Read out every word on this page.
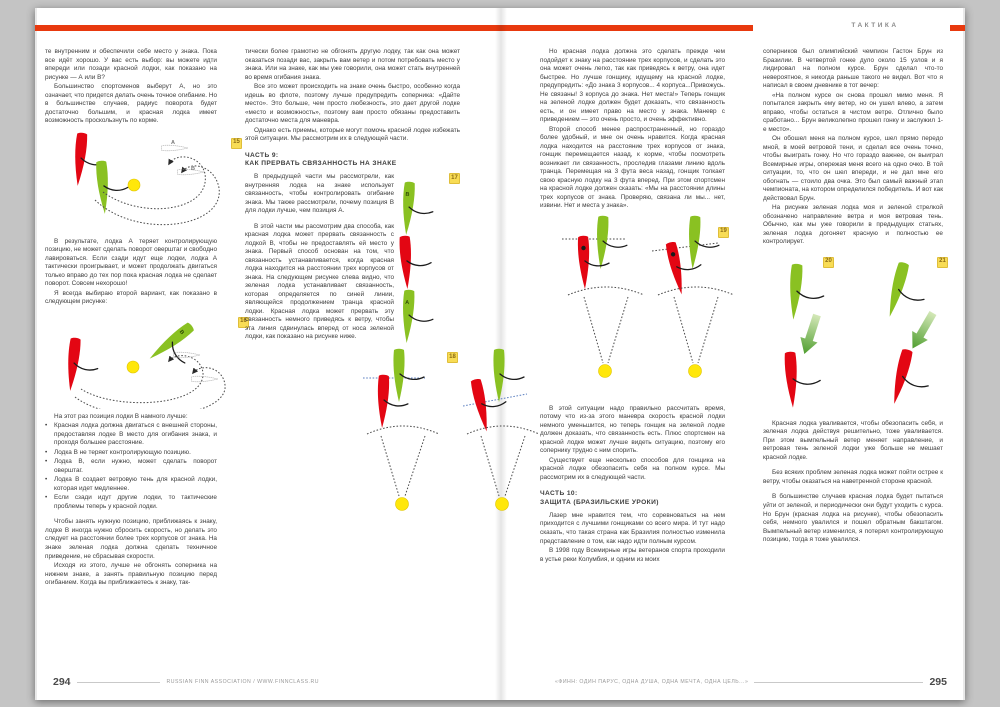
ТАКТИКА

те внутренним и обеспечили себе место у знака. Пока все идёт хорошо. У вас есть выбор: вы можете идти впереди или позади красной лодки, как показано на рисунке — А или В?

Большинство спортсменов выберут А, но это означает, что придется делать очень точное огибание. Но в большинстве случаев, радиус поворота будет достаточно большим, и красная лодка имеет возможность проскользнуть по корме.

15
A
B

В результате, лодка А теряет контролирующую позицию, не может сделать поворот оверштаг и свободно лавироваться. Если сзади идут еще лодки, лодка А тактически проигрывает, и может продолжать двигаться только вправо до тех пор пока красная лодка не сделает поворот. Совсем нехорошо!

Я всегда выбираю второй вариант, как показано в следующем рисунке:

16
B

На этот раз позиция лодки В намного лучше:

• Красная лодка должна двигаться с внешней стороны, предоставляя лодке В место для огибания знака, и проходя большее расстояние.
• Лодка В не теряет контролирующую позицию.
• Лодка В, если нужно, может сделать поворот оверштаг.
• Лодка В создает ветровую тень для красной лодки, которая идет медленнее.
• Если сзади идут другие лодки, то тактические проблемы теперь у красной лодки.

Чтобы занять нужную позицию, приближаясь к знаку, лодке В иногда нужно сбросить скорость, но делать это следует на расстоянии более трех корпусов от знака. На знаке зеленая лодка должна сделать техничное приведение, не сбрасывая скорости.

Исходя из этого, лучше не обгонять соперника на нижнем знаке, а занять правильную позицию перед огибанием. Когда вы приближаетесь к знаку, так-

тически более грамотно не обгонять другую лодку, так как она может оказаться позади вас, закрыть вам ветер и потом потребовать место у знака. Или на знаке, как мы уже говорили, она может стать внутренней во время огибания знака.

Все это может происходить на знаке очень быстро, особенно когда идешь во флоте, поэтому лучше предупредить соперника: «Дайте место». Это больше, чем просто любезность, это дает другой лодке «место и возможность», поэтому вам просто обязаны предоставить достаточно места для маневра.

Однако есть приемы, которые могут помочь красной лодке избежать этой ситуации. Мы рассмотрим их в следующей части.

ЧАСТЬ 9:
КАК ПРЕРВАТЬ СВЯЗАННОСТЬ НА ЗНАКЕ
17
B
A

В предыдущей части мы рассмотрели, как внутренняя лодка на знаке использует связанность, чтобы контролировать огибание знака. Мы также рассмотрели, почему позиция В для лодки лучше, чем позиция А.

В этой части мы рассмотрим два способа, как красная лодка может прервать связанность с лодкой В, чтобы не предоставлять ей место у знака. Первый способ основан на том, что связанность устанавливается, когда красная лодка находится на расстоянии трех корпусов от знака. На следующем рисунке слева видно, что зеленая лодка устанавливает связанность, которая определяется по синей линии, являющейся продолжением транца красной лодки. Красная лодка может прервать эту связанность немного приведясь к ветру, чтобы эта линия сдвинулась вперед от носа зеленой лодки, как показано на рисунке ниже.

18

Но красная лодка должна это сделать прежде чем подойдет к знаку на расстояние трех корпусов, и сделать это она может очень легко, так как приведясь к ветру, она идет быстрее. Но лучше гонщику, идущему на красной лодке, предупредить: «До знака 3 корпусов... 4 корпуса...Привожусь. Не связаны! 3 корпуса до знака. Нет места!» Теперь гонщик на зеленой лодке должен будет доказать, что связанность есть, и он имеет право на место у знака. Маневр с приведением — это очень просто, и очень эффективно.

Второй способ менее распространенный, но гораздо более удобный, и мне он очень нравится. Когда красная лодка находится на расстояние трех корпусов от знака, гонщик перемещается назад, к корме, чтобы посмотреть возникает ли связанность, проследив глазами линию вдоль транца. Перемещая на 3 фута веса назад, гонщик толкает свою красную лодку на 3 фута вперед. При этом спортсмен на красной лодке должен сказать: «Мы на расстоянии длины трех корпусов от знака. Проверяю, связана ли мы... нет, извини. Нет и места у знака».

19

В этой ситуации надо правильно рассчитать время, потому что из-за этого маневра скорость красной лодки немного уменьшится, но теперь гонщик на зеленой лодке должен доказать, что связанность есть. Плюс спортсмен на красной лодке может лучше видеть ситуацию, поэтому его сопернику трудно с ним спорить.

Существует еще несколько способов для гонщика на красной лодке обезопасить себя на полном курсе. Мы рассмотрим их в следующей части.

ЧАСТЬ 10:
ЗАЩИТА (БРАЗИЛЬСКИЕ УРОКИ)

Лазер мне нравится тем, что соревноваться на нем приходится с лучшими гонщиками со всего мира. И тут надо сказать, что такая страна как Бразилия полностью изменила представление о том, как надо идти полным курсом.

В 1998 году Всемирные игры ветеранов спорта проходили в устье реки Колумбия, и одним из моих

соперников был олимпийский чемпион Гастон Брун из Бразилии. В четвертой гонке дуло около 15 узлов и я лидировал на полном курсе. Брун сделал что-то невероятное, я никогда раньше такого не видел. Вот что я написал в своем дневнике в тот вечер:

«На полном курсе он снова прошел мимо меня. Я попытался закрыть ему ветер, но он ушел влево, а затем вправо, чтобы остаться в чистом ветре. Отлично было сработано... Брун великолепно прошел гонку и заслужил 1-е место».

Он обошел меня на полном курсе, шел прямо передо мной, в моей ветровой тени, и сделал все очень точно, чтобы выиграть гонку. Но что гораздо важнее, он выиграл Всемирные игры, опережая меня всего на одно очко. В той ситуации, то, что он шел впереди, и не дал мне его обогнать — стоило два очка. Это был самый важный этап чемпионата, на котором определился победитель. И вот как действовал Брун.

На рисунке зеленая лодка моя и зеленой стрелкой обозначено направление ветра и моя ветровая тень. Обычно, как мы уже говорили в предыдущих статьях, зеленая лодка догоняет красную и полностью ее контролирует.

20	21

Красная лодка уваливается, чтобы обезопасить себя, и зеленая лодка действуя решительно, тоже уваливается. При этом вымпельный ветер меняет направление, и ветровая тень зеленой лодки уже больше не мешает красной лодке.

Без всяких проблем зеленая лодка может пойти острее к ветру, чтобы оказаться на наветренной стороне красной.

В большинстве случаев красная лодка будет пытаться уйти от зеленой, и периодически они будут уходить с курса. Но Брун (красная лодка на рисунке), чтобы обезопасить себя, немного увалился и пошел обратным бакштагом. Вымпельный ветер изменился, я потерял контролирующую позицию, тогда я тоже увалился.

294	RUSSIAN FINN ASSOCIATION / WWW.FINNCLASS.RU	«ФИНН: ОДИН ПАРУС, ОДНА ДУША, ОДНА МЕЧТА, ОДНА ЦЕЛЬ...»	295
